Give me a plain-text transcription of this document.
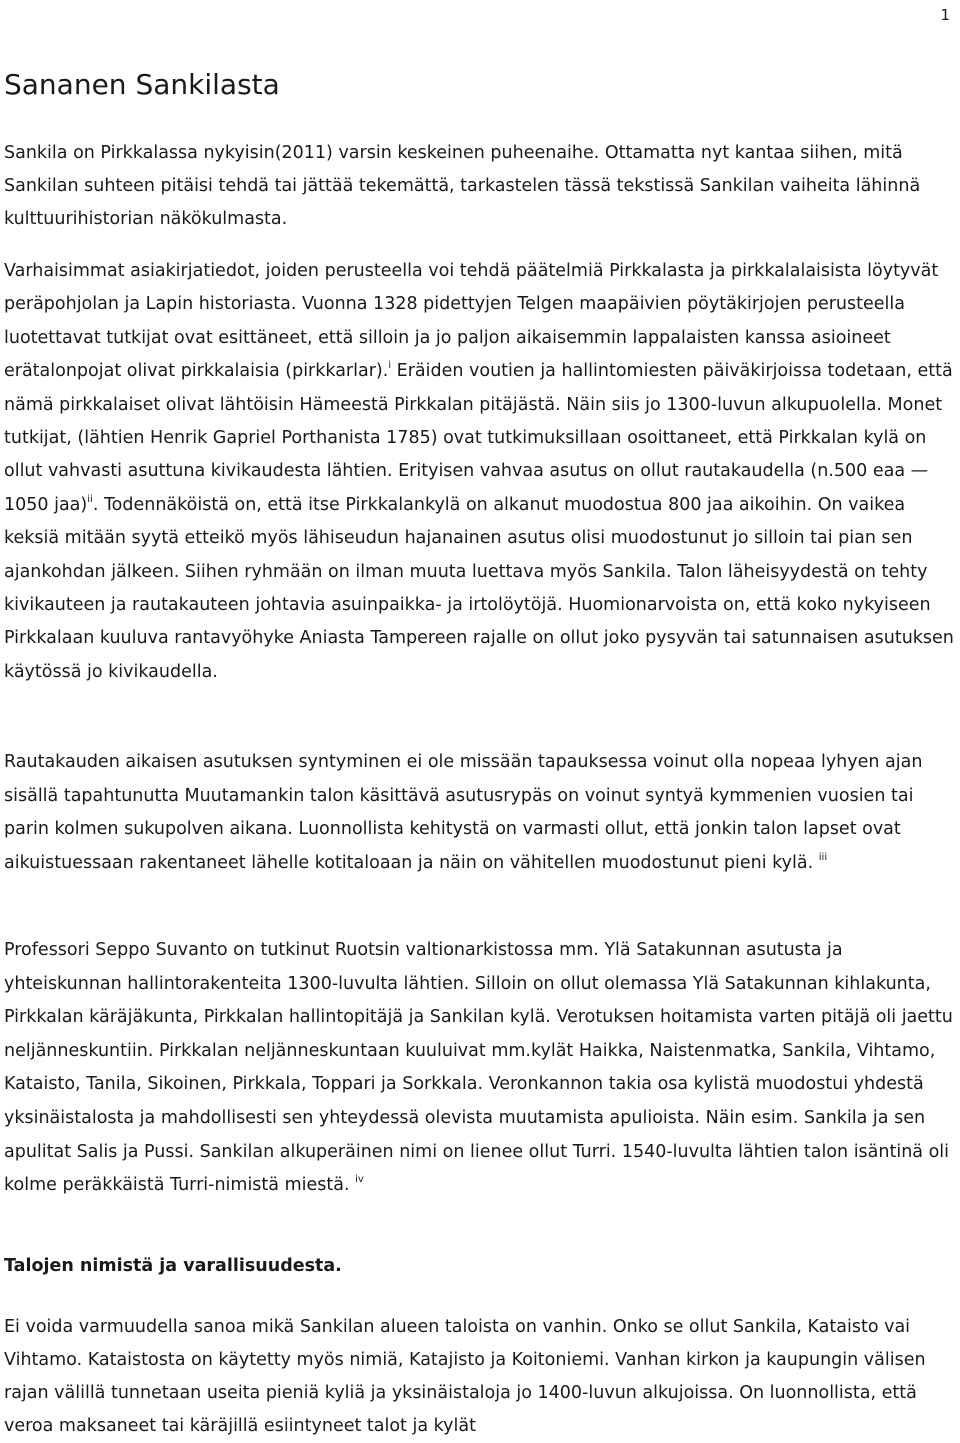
1
Sananen Sankilasta

Sankila on Pirkkalassa nykyisin(2011) varsin keskeinen puheenaihe. Ottamatta nyt kantaa siihen, mitä Sankilan suhteen pitäisi tehdä tai jättää tekemättä, tarkastelen tässä tekstissä Sankilan vaiheita lähinnä kulttuurihistorian näkökulmasta.

Varhaisimmat asiakirjatiedot, joiden perusteella voi tehdä päätelmiä Pirkkalasta ja pirkkalalaisista löytyvät peräpohjolan ja Lapin historiasta. Vuonna 1328 pidettyjen Telgen maapäivien pöytäkirjojen perusteella luotettavat tutkijat ovat esittäneet, että silloin ja jo paljon aikaisemmin lappalaisten kanssa asioineet erätalonpojat olivat pirkkalaisia (pirkkarlar).$^i$ Eräiden voutien ja hallintomiesten päiväkirjoissa todetaan, että nämä pirkkalaiset olivat lähtöisin Hämeestä Pirkkalan pitäjästä. Näin siis jo 1300-luvun alkupuolella. Monet tutkijat, (lähtien Henrik Gapriel Porthanista 1785) ovat tutkimuksillaan osoittaneet, että Pirkkalan kylä on ollut vahvasti asuttuna kivikaudesta lähtien. Erityisen vahvaa asutus on ollut rautakaudella (n.500 eaa — 1050 jaa)$^{ii}$. Todennäköistä on, että itse Pirkkalankylä on alkanut muodostua 800 jaa aikoihin. On vaikea keksiä mitään syytä etteikö myös lähiseudun hajanainen asutus olisi muodostunut jo silloin tai pian sen ajankohdan jälkeen. Siihen ryhmään on ilman muuta luettava myös Sankila. Talon läheisyydestä on tehty kivikauteen ja rautakauteen johtavia asuinpaikka- ja irtolöytöjä. Huomionarvoista on, että koko nykyiseen Pirkkalaan kuuluva rantavyöhyke Aniasta Tampereen rajalle on ollut joko pysyvän tai satunnaisen asutuksen käytössä jo kivikaudella.

Rautakauden aikaisen asutuksen syntyminen ei ole missään tapauksessa voinut olla nopeaa lyhyen ajan sisällä tapahtunutta Muutamankin talon käsittävä asutusrypäs on voinut syntyä kymmenien vuosien tai parin kolmen sukupolven aikana. Luonnollista kehitystä on varmasti ollut, että jonkin talon lapset ovat aikuistuessaan rakentaneet lähelle kotitaloaan ja näin on vähitellen muodostunut pieni kylä. $^{iii}$

Professori Seppo Suvanto on tutkinut Ruotsin valtionarkistossa mm. Ylä Satakunnan asutusta ja yhteiskunnan hallintorakenteita 1300-luvulta lähtien. Silloin on ollut olemassa Ylä Satakunnan kihlakunta, Pirkkalan käräjäkunta, Pirkkalan hallintopitäjä ja Sankilan kylä. Verotuksen hoitamista varten pitäjä oli jaettu neljänneskuntiin. Pirkkalan neljänneskuntaan kuuluivat mm.kylät Haikka, Naistenmatka, Sankila, Vihtamo, Kataisto, Tanila, Sikoinen, Pirkkala, Toppari ja Sorkkala. Veronkannon takia osa kylistä muodostui yhdestä yksinäistalosta ja mahdollisesti sen yhteydessä olevista muutamista apulioista. Näin esim. Sankila ja sen apulitat Salis ja Pussi. Sankilan alkuperäinen nimi on lienee ollut Turri. 1540-luvulta lähtien talon isäntinä oli kolme peräkkäistä Turri-nimistä miestä. $^{iv}$

Talojen nimistä ja varallisuudesta.

Ei voida varmuudella sanoa mikä Sankilan alueen taloista on vanhin. Onko se ollut Sankila, Kataisto vai Vihtamo. Kataistosta on käytetty myös nimiä, Katajisto ja Koitoniemi. Vanhan kirkon ja kaupungin välisen rajan välillä tunnetaan useita pieniä kyliä ja yksinäistaloja jo 1400-luvun alkujoissa. On luonnollista, että veroa maksaneet tai käräjillä esiintyneet talot ja kylät
